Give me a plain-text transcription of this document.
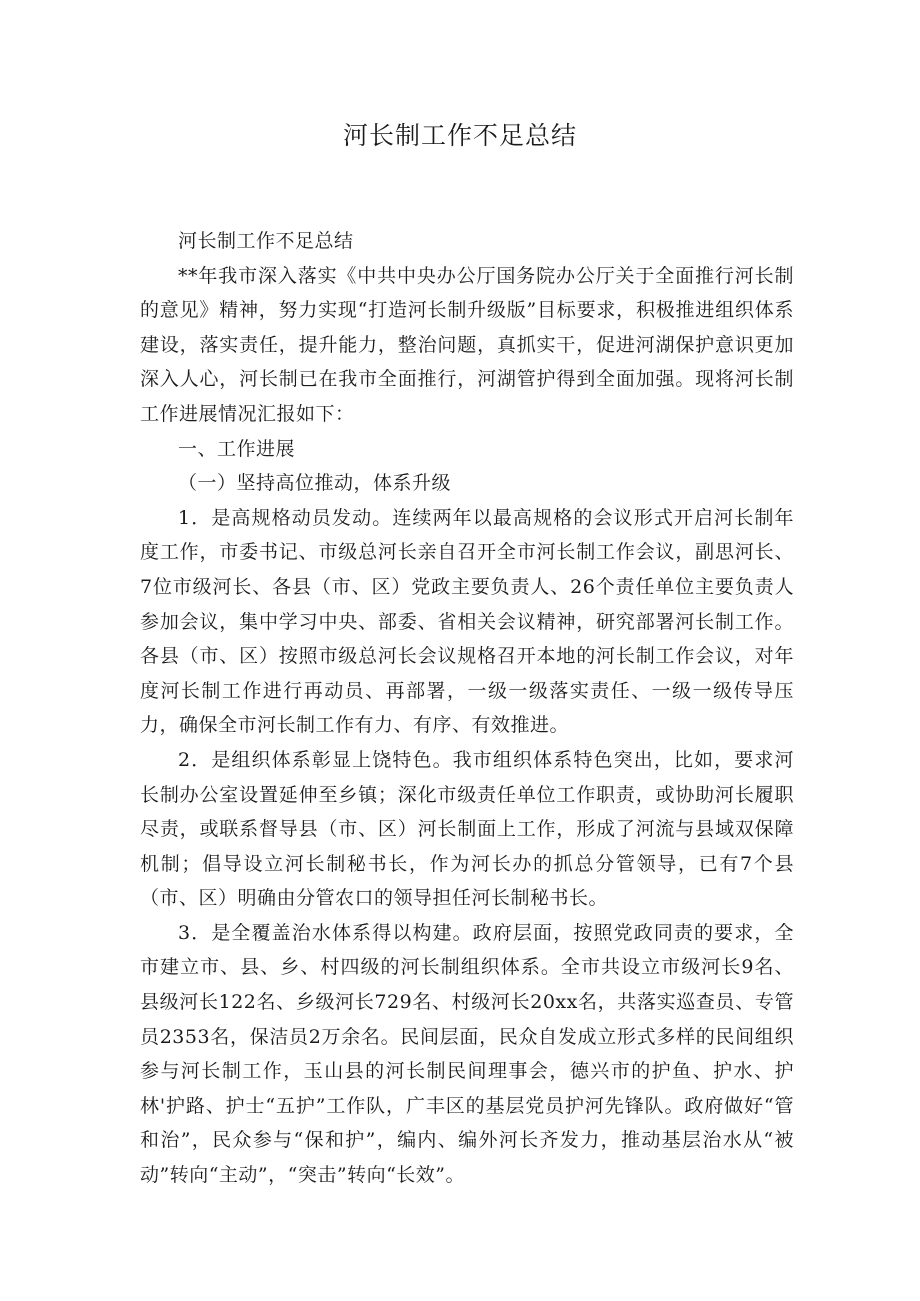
河长制工作不足总结

河长制工作不足总结

**年我市深入落实《中共中央办公厅国务院办公厅关于全面推行河长制的意见》精神，努力实现“打造河长制升级版”目标要求，积极推进组织体系建设，落实责任，提升能力，整治问题，真抓实干，促进河湖保护意识更加深入人心，河长制已在我市全面推行，河湖管护得到全面加强。现将河长制工作进展情况汇报如下：

一、工作进展

（一）坚持高位推动，体系升级

1．是高规格动员发动。连续两年以最高规格的会议形式开启河长制年度工作，市委书记、市级总河长亲自召开全市河长制工作会议，副思河长、7位市级河长、各县（市、区）党政主要负责人、26个责任单位主要负责人参加会议，集中学习中央、部委、省相关会议精神，研究部署河长制工作。各县（市、区）按照市级总河长会议规格召开本地的河长制工作会议，对年度河长制工作进行再动员、再部署，一级一级落实责任、一级一级传导压力，确保全市河长制工作有力、有序、有效推进。

2．是组织体系彰显上饶特色。我市组织体系特色突出，比如，要求河长制办公室设置延伸至乡镇；深化市级责任单位工作职责，或协助河长履职尽责，或联系督导县（市、区）河长制面上工作，形成了河流与县域双保障机制；倡导设立河长制秘书长，作为河长办的抓总分管领导，已有7个县（市、区）明确由分管农口的领导担任河长制秘书长。

3．是全覆盖治水体系得以构建。政府层面，按照党政同责的要求，全市建立市、县、乡、村四级的河长制组织体系。全市共设立市级河长9名、县级河长122名、乡级河长729名、村级河长20xx名，共落实巡查员、专管员2353名，保洁员2万余名。民间层面，民众自发成立形式多样的民间组织参与河长制工作，玉山县的河长制民间理事会，德兴市的护鱼、护水、护林'护路、护士“五护”工作队，广丰区的基层党员护河先锋队。政府做好“管和治”，民众参与“保和护”，编内、编外河长齐发力，推动基层治水从“被动”转向“主动”，“突击”转向“长效”。
